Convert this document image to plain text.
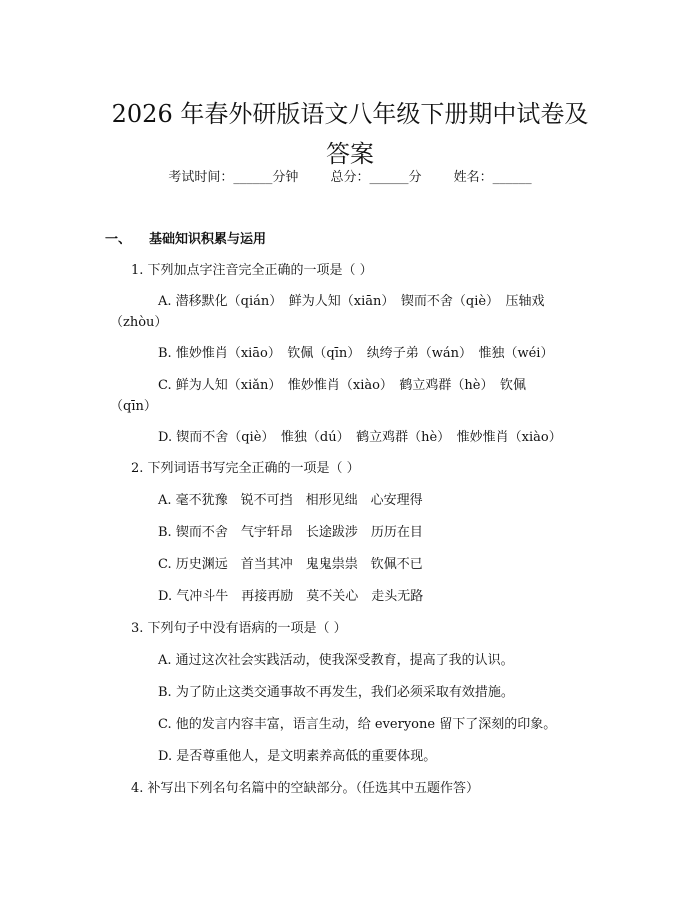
2026 年春外研版语文八年级下册期中试卷及
答案
考试时间：______分钟 总分：______分 姓名：______
一、 基础知识积累与运用
1. 下列加点字注音完全正确的一项是（ ）
A. 潜移默化（qián）　鲜为人知（xiān）　锲而不舍（qiè）　压轴戏
（zhòu）
B. 惟妙惟肖（xiāo）　钦佩（qīn）　纨绔子弟（wán）　惟独（wéi）
C. 鲜为人知（xiǎn）　惟妙惟肖（xiào）　鹤立鸡群（hè）　钦佩
（qīn）
D. 锲而不舍（qiè）　惟独（dú）　鹤立鸡群（hè）　惟妙惟肖（xiào）
2. 下列词语书写完全正确的一项是（ ）
A. 毫不犹豫　锐不可挡　相形见绌　心安理得
B. 锲而不舍　气宇轩昂　长途跋涉　历历在目
C. 历史渊远　首当其冲　鬼鬼祟祟　钦佩不已
D. 气冲斗牛　再接再励　莫不关心　走头无路
3. 下列句子中没有语病的一项是（ ）
A. 通过这次社会实践活动，使我深受教育，提高了我的认识。
B. 为了防止这类交通事故不再发生，我们必须采取有效措施。
C. 他的发言内容丰富，语言生动，给 everyone 留下了深刻的印象。
D. 是否尊重他人，是文明素养高低的重要体现。
4. 补写出下列名句名篇中的空缺部分。（任选其中五题作答）
